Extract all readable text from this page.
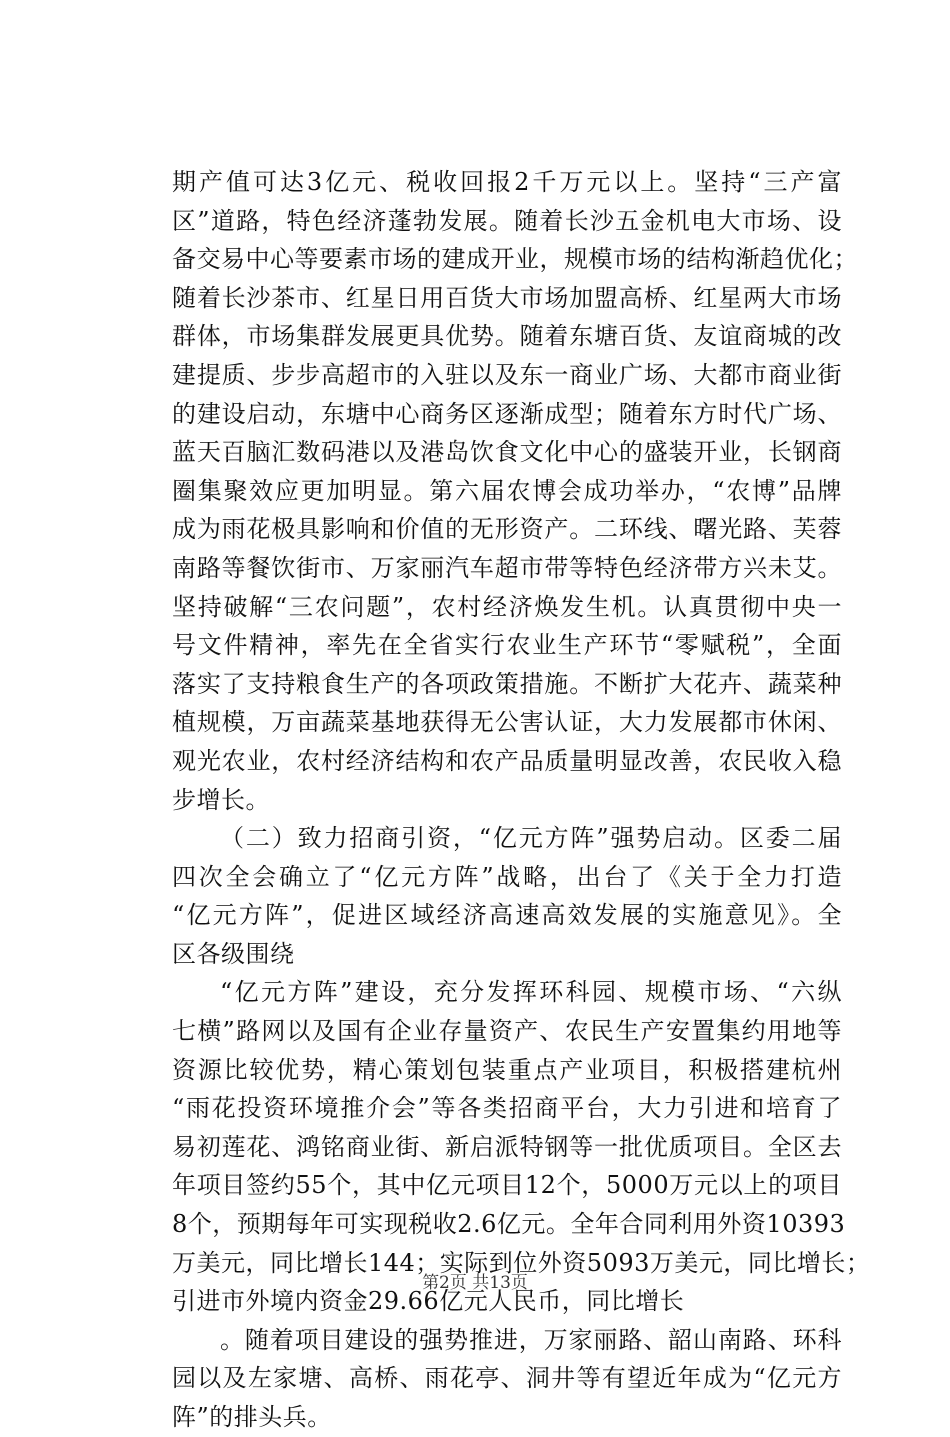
期产值可达3亿元、税收回报2千万元以上。坚持“三产富
区”道路，特色经济蓬勃发展。随着长沙五金机电大市场、设
备交易中心等要素市场的建成开业，规模市场的结构渐趋优化；
随着长沙茶市、红星日用百货大市场加盟高桥、红星两大市场
群体，市场集群发展更具优势。随着东塘百货、友谊商城的改
建提质、步步高超市的入驻以及东一商业广场、大都市商业街
的建设启动，东塘中心商务区逐渐成型；随着东方时代广场、
蓝天百脑汇数码港以及港岛饮食文化中心的盛装开业，长钢商
圈集聚效应更加明显。第六届农博会成功举办，“农博”品牌
成为雨花极具影响和价值的无形资产。二环线、曙光路、芙蓉
南路等餐饮街市、万家丽汽车超市带等特色经济带方兴未艾。
坚持破解“三农问题”，农村经济焕发生机。认真贯彻中央一
号文件精神，率先在全省实行农业生产环节“零赋税”，全面
落实了支持粮食生产的各项政策措施。不断扩大花卉、蔬菜种
植规模，万亩蔬菜基地获得无公害认证，大力发展都市休闲、
观光农业，农村经济结构和农产品质量明显改善，农民收入稳
步增长。
（二）致力招商引资，“亿元方阵”强势启动。区委二届
四次全会确立了“亿元方阵”战略，出台了《关于全力打造
“亿元方阵”，促进区域经济高速高效发展的实施意见》。全
区各级围绕
“亿元方阵”建设，充分发挥环科园、规模市场、“六纵
七横”路网以及国有企业存量资产、农民生产安置集约用地等
资源比较优势，精心策划包装重点产业项目，积极搭建杭州
“雨花投资环境推介会”等各类招商平台，大力引进和培育了
易初莲花、鸿铭商业街、新启派特钢等一批优质项目。全区去
年项目签约55个，其中亿元项目12个，5000万元以上的项目
8个，预期每年可实现税收2.6亿元。全年合同利用外资10393
万美元，同比增长144；实际到位外资5093万美元，同比增长；
引进市外境内资金29.66亿元人民币，同比增长
。随着项目建设的强势推进，万家丽路、韶山南路、环科
园以及左家塘、高桥、雨花亭、洞井等有望近年成为“亿元方
阵”的排头兵。
第2页 共13页
